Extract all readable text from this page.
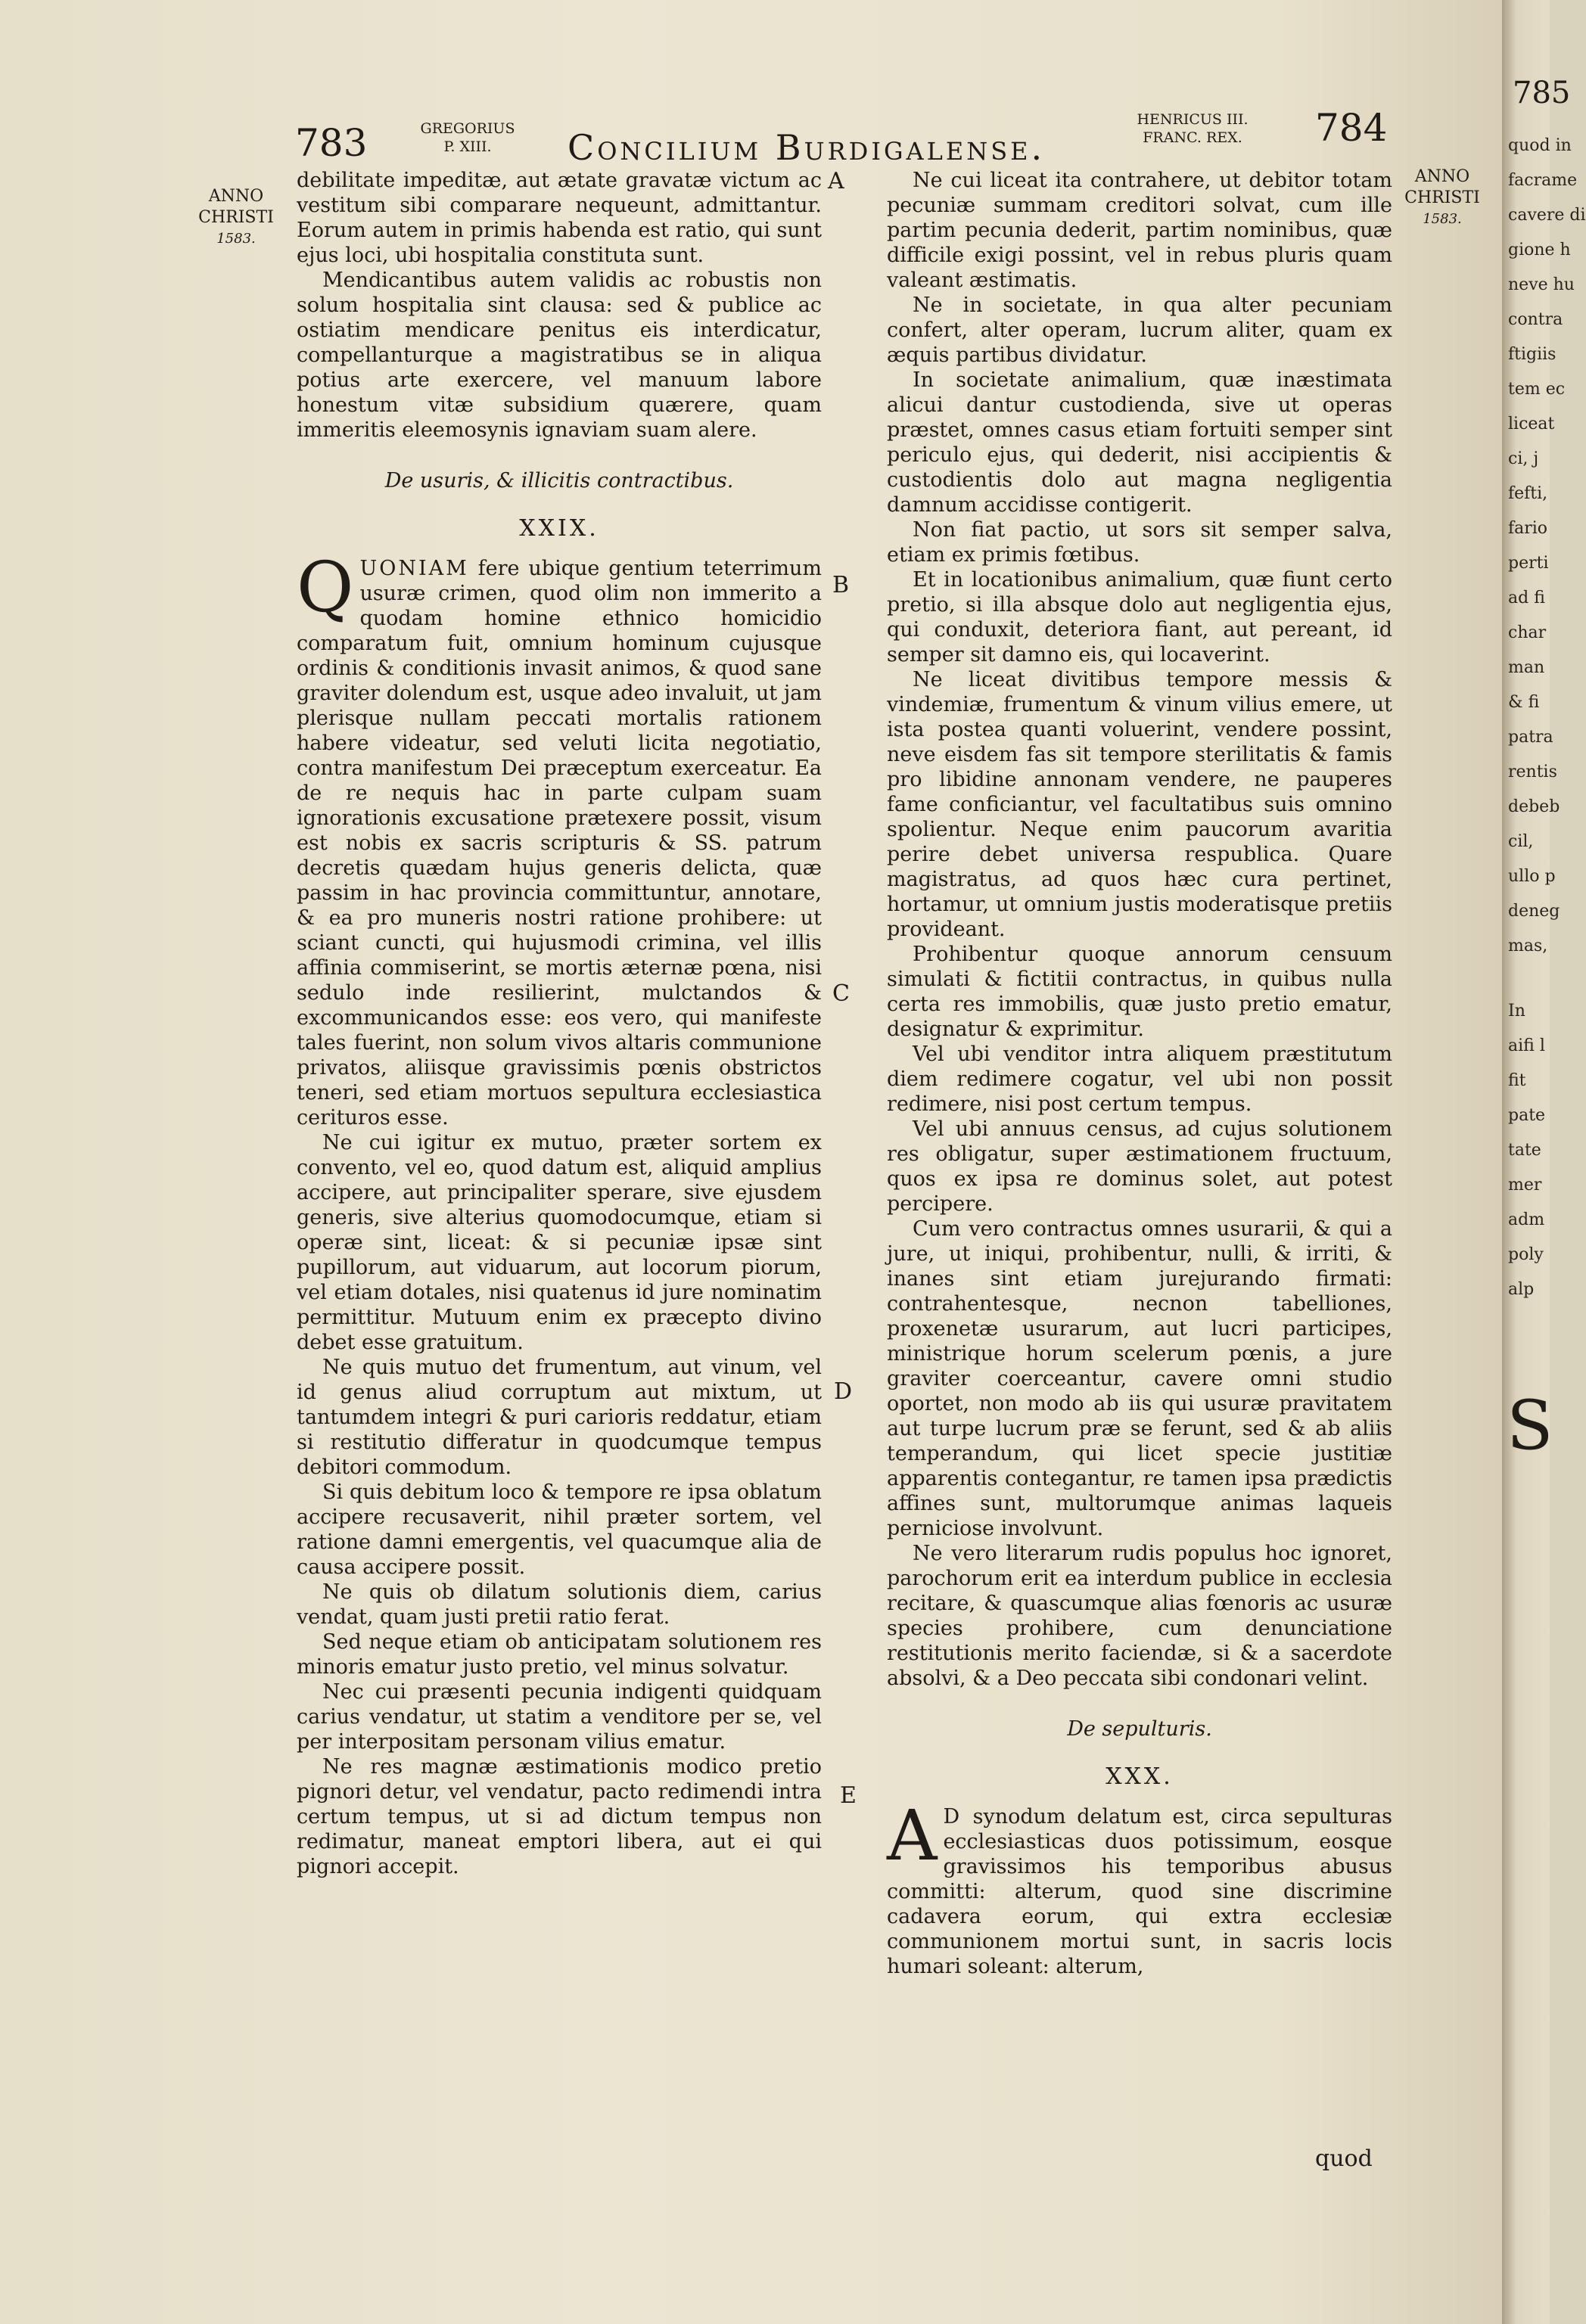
783	GREGORIUS
P. XIII.	Concilium Burdigalense.
HENRICUS III.
FRANC. REX.	784
ANNO
CHRISTI
1583.
ANNO
CHRISTI
1583.
A
B
C
D
E

debilitate impeditæ, aut ætate gravatæ victum ac vestitum sibi comparare nequeunt, admittantur. Eorum autem in primis habenda est ratio, qui sunt ejus loci, ubi hospitalia constituta sunt.

Mendicantibus autem validis ac robustis non solum hospitalia sint clausa: sed & publice ac ostiatim mendicare penitus eis interdicatur, compellanturque a magistratibus se in aliqua potius arte exercere, vel manuum labore honestum vitæ subsidium quærere, quam immeritis eleemosynis ignaviam suam alere.

De usuris, & illicitis contractibus.

XXIX.

QUONIAM fere ubique gentium teterrimum usuræ crimen, quod olim non immerito a quodam homine ethnico homicidio comparatum fuit, omnium hominum cujusque ordinis & conditionis invasit animos, & quod sane graviter dolendum est, usque adeo invaluit, ut jam plerisque nullam peccati mortalis rationem habere videatur, sed veluti licita negotiatio, contra manifestum Dei præceptum exerceatur. Ea de re nequis hac in parte culpam suam ignorationis excusatione prætexere possit, visum est nobis ex sacris scripturis & SS. patrum decretis quædam hujus generis delicta, quæ passim in hac provincia committuntur, annotare, & ea pro muneris nostri ratione prohibere: ut sciant cuncti, qui hujusmodi crimina, vel illis affinia commiserint, se mortis æternæ pœna, nisi sedulo inde resilierint, mulctandos & excommunicandos esse: eos vero, qui manifeste tales fuerint, non solum vivos altaris communione privatos, aliisque gravissimis pœnis obstrictos teneri, sed etiam mortuos sepultura ecclesiastica cerituros esse.

Ne cui igitur ex mutuo, præter sortem ex convento, vel eo, quod datum est, aliquid amplius accipere, aut principaliter sperare, sive ejusdem generis, sive alterius quomodocumque, etiam si operæ sint, liceat: & si pecuniæ ipsæ sint pupillorum, aut viduarum, aut locorum piorum, vel etiam dotales, nisi quatenus id jure nominatim permittitur. Mutuum enim ex præcepto divino debet esse gratuitum.

Ne quis mutuo det frumentum, aut vinum, vel id genus aliud corruptum aut mixtum, ut tantumdem integri & puri carioris reddatur, etiam si restitutio differatur in quodcumque tempus debitori commodum.

Si quis debitum loco & tempore re ipsa oblatum accipere recusaverit, nihil præter sortem, vel ratione damni emergentis, vel quacumque alia de causa accipere possit.

Ne quis ob dilatum solutionis diem, carius vendat, quam justi pretii ratio ferat.

Sed neque etiam ob anticipatam solutionem res minoris ematur justo pretio, vel minus solvatur.

Nec cui præsenti pecunia indigenti quidquam carius vendatur, ut statim a venditore per se, vel per interpositam personam vilius ematur.

Ne res magnæ æstimationis modico pretio pignori detur, vel vendatur, pacto redimendi intra certum tempus, ut si ad dictum tempus non redimatur, maneat emptori libera, aut ei qui pignori accepit.

Ne cui liceat ita contrahere, ut debitor totam pecuniæ summam creditori solvat, cum ille partim pecunia dederit, partim nominibus, quæ difficile exigi possint, vel in rebus pluris quam valeant æstimatis.

Ne in societate, in qua alter pecuniam confert, alter operam, lucrum aliter, quam ex æquis partibus dividatur.

In societate animalium, quæ inæstimata alicui dantur custodienda, sive ut operas præstet, omnes casus etiam fortuiti semper sint periculo ejus, qui dederit, nisi accipientis & custodientis dolo aut magna negligentia damnum accidisse contigerit.

Non fiat pactio, ut sors sit semper salva, etiam ex primis fœtibus.

Et in locationibus animalium, quæ fiunt certo pretio, si illa absque dolo aut negligentia ejus, qui conduxit, deteriora fiant, aut pereant, id semper sit damno eis, qui locaverint.

Ne liceat divitibus tempore messis & vindemiæ, frumentum & vinum vilius emere, ut ista postea quanti voluerint, vendere possint, neve eisdem fas sit tempore sterilitatis & famis pro libidine annonam vendere, ne pauperes fame conficiantur, vel facultatibus suis omnino spolientur. Neque enim paucorum avaritia perire debet universa respublica. Quare magistratus, ad quos hæc cura pertinet, hortamur, ut omnium justis moderatisque pretiis provideant.

Prohibentur quoque annorum censuum simulati & fictitii contractus, in quibus nulla certa res immobilis, quæ justo pretio ematur, designatur & exprimitur.

Vel ubi venditor intra aliquem præstitutum diem redimere cogatur, vel ubi non possit redimere, nisi post certum tempus.

Vel ubi annuus census, ad cujus solutionem res obligatur, super æstimationem fructuum, quos ex ipsa re dominus solet, aut potest percipere.

Cum vero contractus omnes usurarii, & qui a jure, ut iniqui, prohibentur, nulli, & irriti, & inanes sint etiam jurejurando firmati: contrahentesque, necnon tabelliones, proxenetæ usurarum, aut lucri participes, ministrique horum scelerum pœnis, a jure graviter coerceantur, cavere omni studio oportet, non modo ab iis qui usuræ pravitatem aut turpe lucrum præ se ferunt, sed & ab aliis temperandum, qui licet specie justitiæ apparentis contegantur, re tamen ipsa prædictis affines sunt, multorumque animas laqueis perniciose involvunt.

Ne vero literarum rudis populus hoc ignoret, parochorum erit ea interdum publice in ecclesia recitare, & quascumque alias fœnoris ac usuræ species prohibere, cum denunciatione restitutionis merito faciendæ, si & a sacerdote absolvi, & a Deo peccata sibi condonari velint.

De sepulturis.

XXX.

A D synodum delatum est, circa sepulturas ecclesiasticas duos potissimum, eosque gravissimos his temporibus abusus committi: alterum, quod sine discrimine cadavera eorum, qui extra ecclesiæ communionem mortui sunt, in sacris locis humari soleant: alterum,

quod
785
quod in
facrame
cavere di
gione h
neve hu
contra
ftigiis
tem ec
liceat
ci, j
fefti,
fario
perti
ad fi
char
man
& fi
patra
rentis
debeb
cil,
ullo p
deneg
mas,
In
aifi l
fit
pate
tate
mer
adm
poly
alp
S
